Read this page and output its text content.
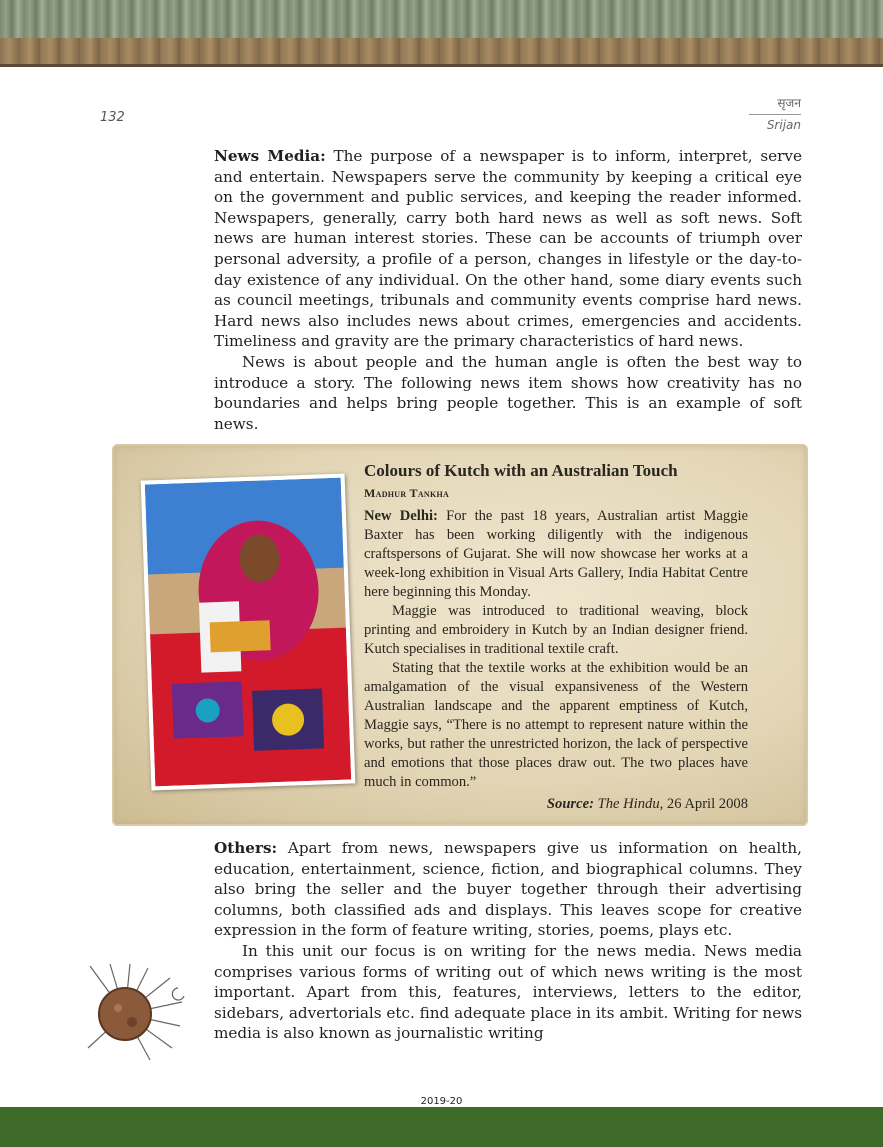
132
सृजन
Srijan

News Media: The purpose of a newspaper is to inform, interpret, serve and entertain. Newspapers serve the community by keeping a critical eye on the government and public services, and keeping the reader informed. Newspapers, generally, carry both hard news as well as soft news. Soft news are human interest stories. These can be accounts of triumph over personal adversity, a profile of a person, changes in lifestyle or the day-to-day existence of any individual. On the other hand, some diary events such as council meetings, tribunals and community events comprise hard news. Hard news also includes news about crimes, emergencies and accidents. Timeliness and gravity are the primary characteristics of hard news.

News is about people and the human angle is often the best way to introduce a story. The following news item shows how creativity has no boundaries and helps bring people together. This is an example of soft news.

Colours of Kutch with an Australian Touch
Madhur Tankha

New Delhi: For the past 18 years, Australian artist Maggie Baxter has been working diligently with the indigenous craftspersons of Gujarat. She will now showcase her works at a week-long exhibition in Visual Arts Gallery, India Habitat Centre here beginning this Monday.

Maggie was introduced to traditional weaving, block printing and embroidery in Kutch by an Indian designer friend. Kutch specialises in traditional textile craft.

Stating that the textile works at the exhibition would be an amalgamation of the visual expansiveness of the Western Australian landscape and the apparent emptiness of Kutch, Maggie says, “There is no attempt to represent nature within the works, but rather the unrestricted horizon, the lack of perspective and emotions that those places draw out. The two places have much in common.”

Source: The Hindu, 26 April 2008

Others: Apart from news, newspapers give us information on health, education, entertainment, science, fiction, and biographical columns. They also bring the seller and the buyer together through their advertising columns, both classified ads and displays. This leaves scope for creative expression in the form of feature writing, stories, poems, plays etc.

In this unit our focus is on writing for the news media. News media comprises various forms of writing out of which news writing is the most important. Apart from this, features, interviews, letters to the editor, sidebars, advertorials etc. find adequate place in its ambit. Writing for news media is also known as journalistic writing

2019-20
